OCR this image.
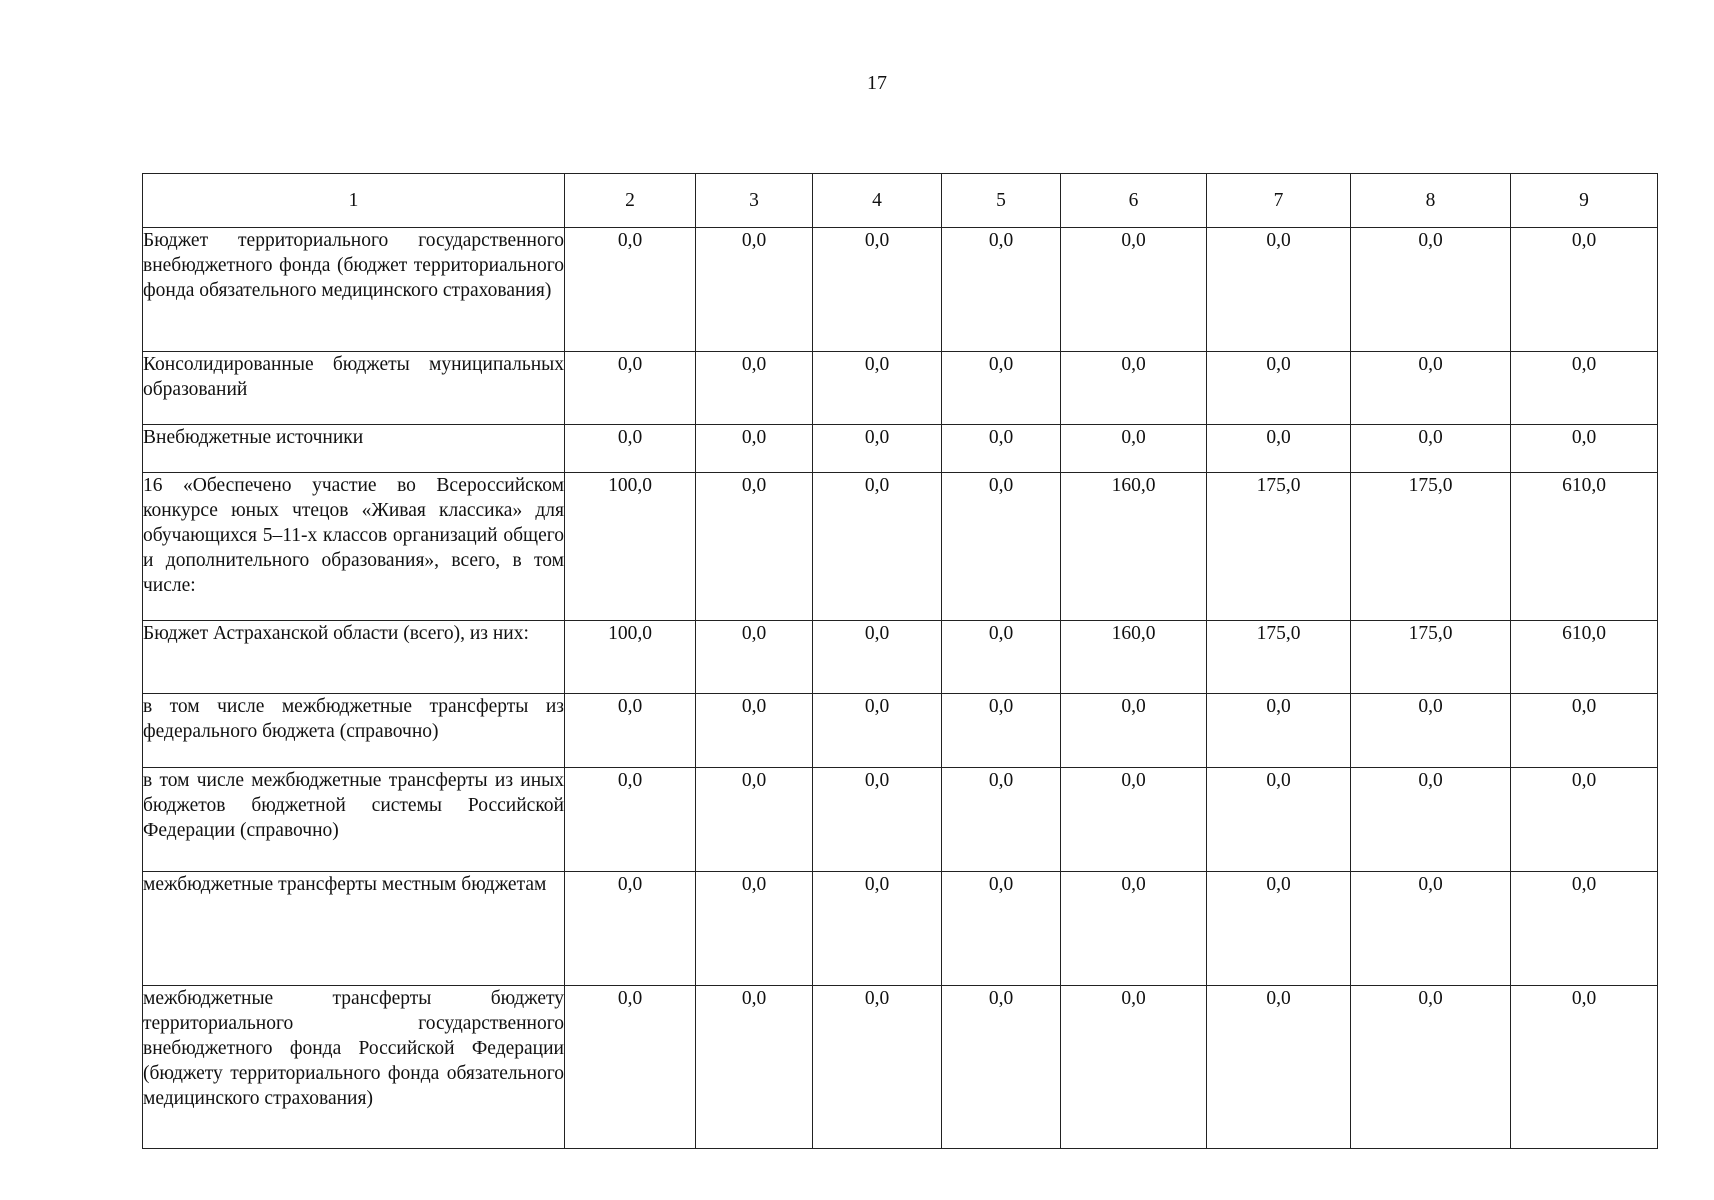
17
1	2	3	4	5	6	7	8	9
Бюджет территориального государственного внебюджетного фонда (бюджет территориального фонда обязательного медицинского страхования)	0,0	0,0	0,0	0,0	0,0	0,0	0,0	0,0
Консолидированные бюджеты муниципальных образований	0,0	0,0	0,0	0,0	0,0	0,0	0,0	0,0
Внебюджетные источники	0,0	0,0	0,0	0,0	0,0	0,0	0,0	0,0
16 «Обеспечено участие во Всероссийском конкурсе юных чтецов «Живая классика» для обучающихся 5–11-х классов организаций общего и дополнительного образования», всего, в том числе:	100,0	0,0	0,0	0,0	160,0	175,0	175,0	610,0
Бюджет Астраханской области (всего), из них:	100,0	0,0	0,0	0,0	160,0	175,0	175,0	610,0
в том числе межбюджетные трансферты из федерального бюджета (справочно)	0,0	0,0	0,0	0,0	0,0	0,0	0,0	0,0
в том числе межбюджетные трансферты из иных бюджетов бюджетной системы Российской Федерации (справочно)	0,0	0,0	0,0	0,0	0,0	0,0	0,0	0,0
межбюджетные трансферты местным бюджетам	0,0	0,0	0,0	0,0	0,0	0,0	0,0	0,0
межбюджетные трансферты бюджету территориального государственного внебюджетного фонда Российской Федерации (бюджету территориального фонда обязательного медицинского страхования)	0,0	0,0	0,0	0,0	0,0	0,0	0,0	0,0
